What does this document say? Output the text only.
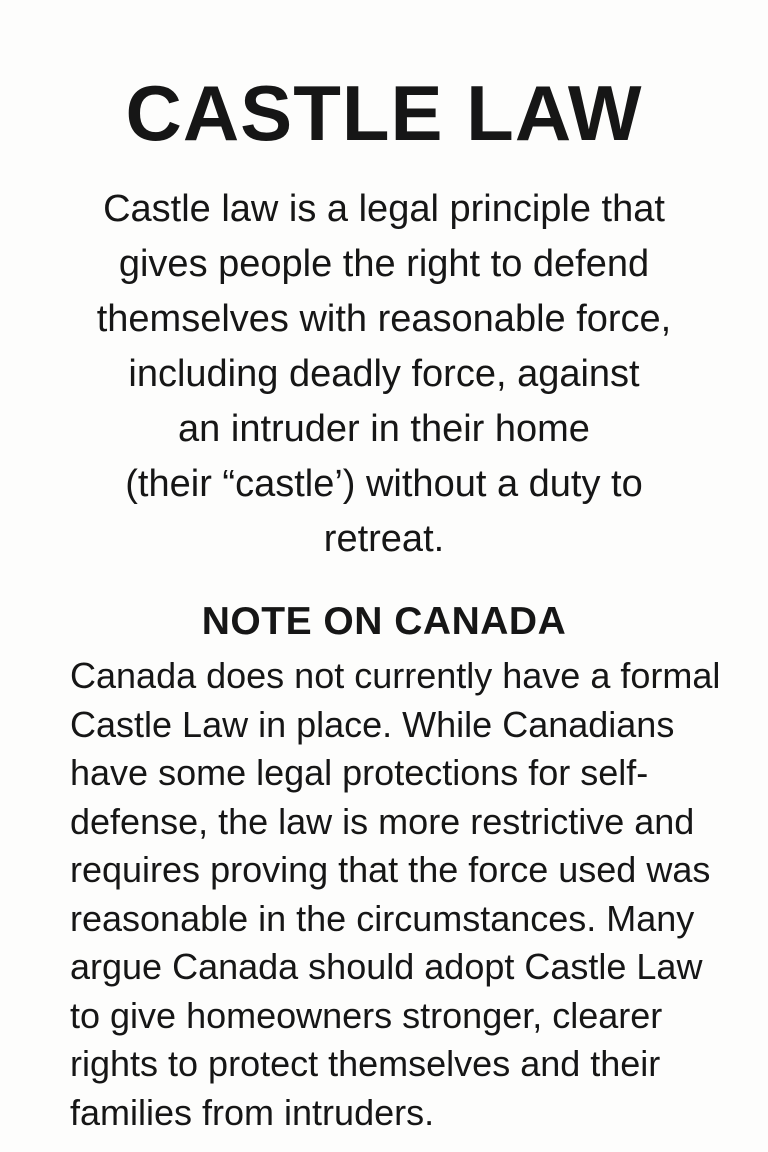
CASTLE LAW

Castle law is a legal principle that
gives people the right to defend
themselves with reasonable force,
including deadly force, against
an intruder in their home
(their “castle’) without a duty to
retreat.

NOTE ON CANADA

Canada does not currently have a formal
Castle Law in place. While Canadians
have some legal protections for self-
defense, the law is more restrictive and
requires proving that the force used was
reasonable in the circumstances. Many
argue Canada should adopt Castle Law
to give homeowners stronger, clearer
rights to protect themselves and their
families from intruders.
